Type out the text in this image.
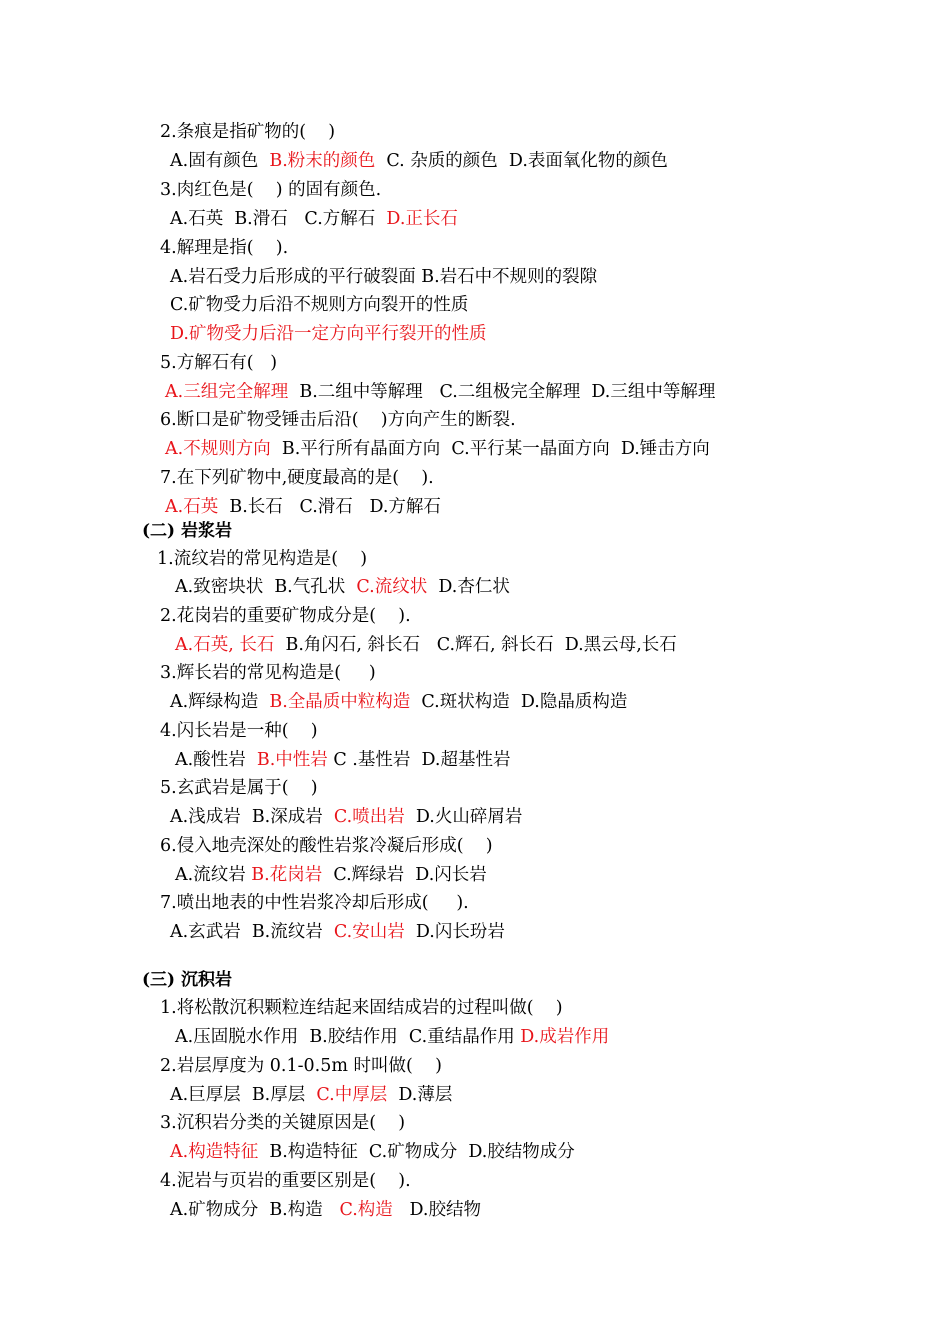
2.条痕是指矿物的(    )
A.固有颜色  B.粉末的颜色  C. 杂质的颜色  D.表面氧化物的颜色
3.肉红色是(    ) 的固有颜色.
A.石英  B.滑石   C.方解石  D.正长石
4.解理是指(    ).
A.岩石受力后形成的平行破裂面 B.岩石中不规则的裂隙
C.矿物受力后沿不规则方向裂开的性质
D.矿物受力后沿一定方向平行裂开的性质
5.方解石有(   )
A.三组完全解理  B.二组中等解理   C.二组极完全解理  D.三组中等解理
6.断口是矿物受锤击后沿(    )方向产生的断裂.
A.不规则方向  B.平行所有晶面方向  C.平行某一晶面方向  D.锤击方向
7.在下列矿物中,硬度最高的是(    ).
A.石英  B.长石   C.滑石   D.方解石
(二) 岩浆岩
1.流纹岩的常见构造是(    )
A.致密块状  B.气孔状  C.流纹状  D.杏仁状
2.花岗岩的重要矿物成分是(    ).
A.石英, 长石  B.角闪石, 斜长石   C.辉石, 斜长石  D.黑云母,长石
3.辉长岩的常见构造是(     )
A.辉绿构造  B.全晶质中粒构造  C.斑状构造  D.隐晶质构造
4.闪长岩是一种(    )
A.酸性岩  B.中性岩 C .基性岩  D.超基性岩
5.玄武岩是属于(    )
A.浅成岩  B.深成岩  C.喷出岩  D.火山碎屑岩
6.侵入地壳深处的酸性岩浆冷凝后形成(    )
A.流纹岩 B.花岗岩  C.辉绿岩  D.闪长岩
7.喷出地表的中性岩浆冷却后形成(     ).
A.玄武岩  B.流纹岩  C.安山岩  D.闪长玢岩
(三) 沉积岩
1.将松散沉积颗粒连结起来固结成岩的过程叫做(    )
A.压固脱水作用  B.胶结作用  C.重结晶作用 D.成岩作用
2.岩层厚度为 0.1-0.5m 时叫做(    )
A.巨厚层  B.厚层  C.中厚层  D.薄层
3.沉积岩分类的关键原因是(    )
A.构造特征  B.构造特征  C.矿物成分  D.胶结物成分
4.泥岩与页岩的重要区别是(    ).
A.矿物成分  B.构造   C.构造   D.胶结物
